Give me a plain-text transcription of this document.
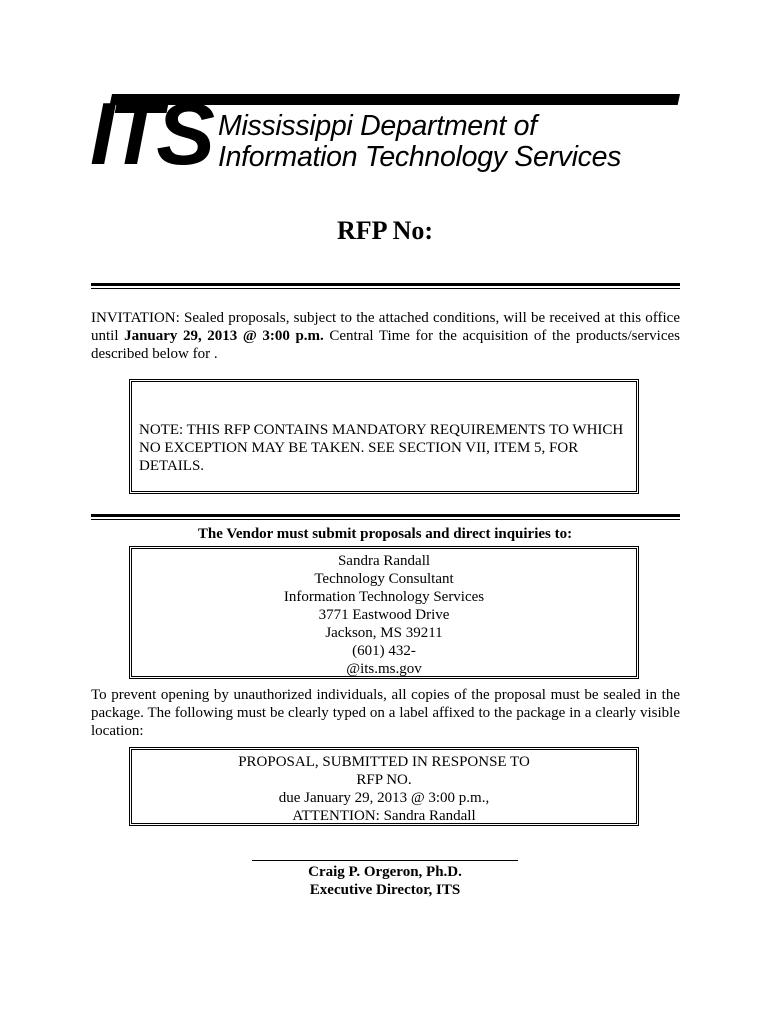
ITS Mississippi Department of
Information Technology Services
RFP No:
INVITATION: Sealed proposals, subject to the attached conditions, will be received at this office until January 29, 2013 @ 3:00 p.m. Central Time for the acquisition of the products/services described below for .
NOTE: THIS RFP CONTAINS MANDATORY REQUIREMENTS TO WHICH NO EXCEPTION MAY BE TAKEN. SEE SECTION VII, ITEM 5, FOR DETAILS.
The Vendor must submit proposals and direct inquiries to:
Sandra Randall
Technology Consultant
Information Technology Services
3771 Eastwood Drive
Jackson, MS 39211
(601) 432-
@its.ms.gov
To prevent opening by unauthorized individuals, all copies of the proposal must be sealed in the package. The following must be clearly typed on a label affixed to the package in a clearly visible location:
PROPOSAL, SUBMITTED IN RESPONSE TO
RFP NO.
due January 29, 2013 @ 3:00 p.m.,
ATTENTION: Sandra Randall
Craig P. Orgeron, Ph.D.
Executive Director, ITS
